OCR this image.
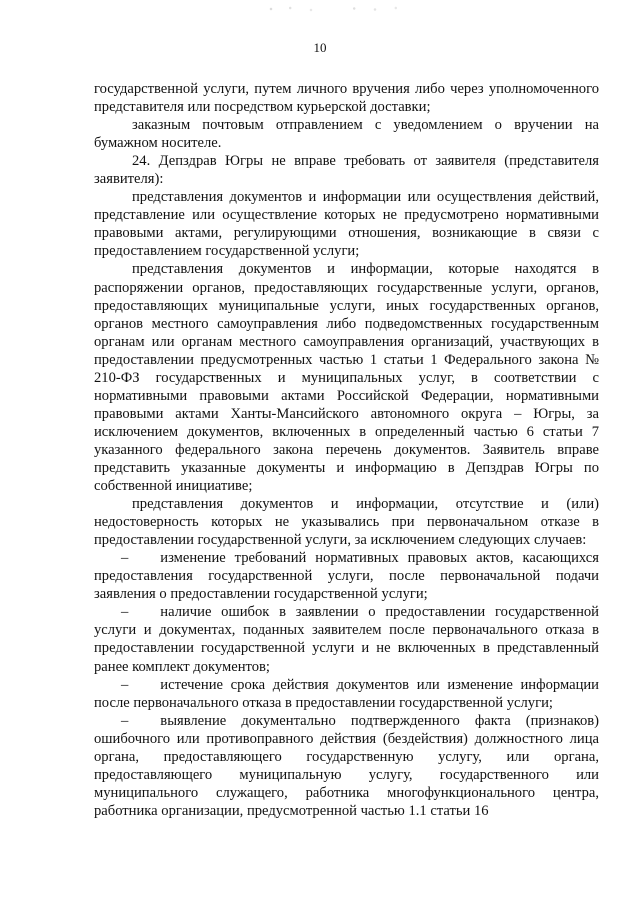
10

государственной услуги, путем личного вручения либо через уполномоченного представителя или посредством курьерской доставки;

заказным почтовым отправлением с уведомлением о вручении на бумажном носителе.

24. Депздрав Югры не вправе требовать от заявителя (представителя заявителя):

представления документов и информации или осуществления действий, представление или осуществление которых не предусмотрено нормативными правовыми актами, регулирующими отношения, возникающие в связи с предоставлением государственной услуги;

представления документов и информации, которые находятся в распоряжении органов, предоставляющих государственные услуги, органов, предоставляющих муниципальные услуги, иных государственных органов, органов местного самоуправления либо подведомственных государственным органам или органам местного самоуправления организаций, участвующих в предоставлении предусмотренных частью 1 статьи 1 Федерального закона № 210-ФЗ государственных и муниципальных услуг, в соответствии с нормативными правовыми актами Российской Федерации, нормативными правовыми актами Ханты-Мансийского автономного округа – Югры, за исключением документов, включенных в определенный частью 6 статьи 7 указанного федерального закона перечень документов. Заявитель вправе представить указанные документы и информацию в Депздрав Югры по собственной инициативе;

представления документов и информации, отсутствие и (или) недостоверность которых не указывались при первоначальном отказе в предоставлении государственной услуги, за исключением следующих случаев:

– изменение требований нормативных правовых актов, касающихся предоставления государственной услуги, после первоначальной подачи заявления о предоставлении государственной услуги;

– наличие ошибок в заявлении о предоставлении государственной услуги и документах, поданных заявителем после первоначального отказа в предоставлении государственной услуги и не включенных в представленный ранее комплект документов;

– истечение срока действия документов или изменение информации после первоначального отказа в предоставлении государственной услуги;

– выявление документально подтвержденного факта (признаков) ошибочного или противоправного действия (бездействия) должностного лица органа, предоставляющего государственную услугу, или органа, предоставляющего муниципальную услугу, государственного или муниципального служащего, работника многофункционального центра, работника организации, предусмотренной частью 1.1 статьи 16
